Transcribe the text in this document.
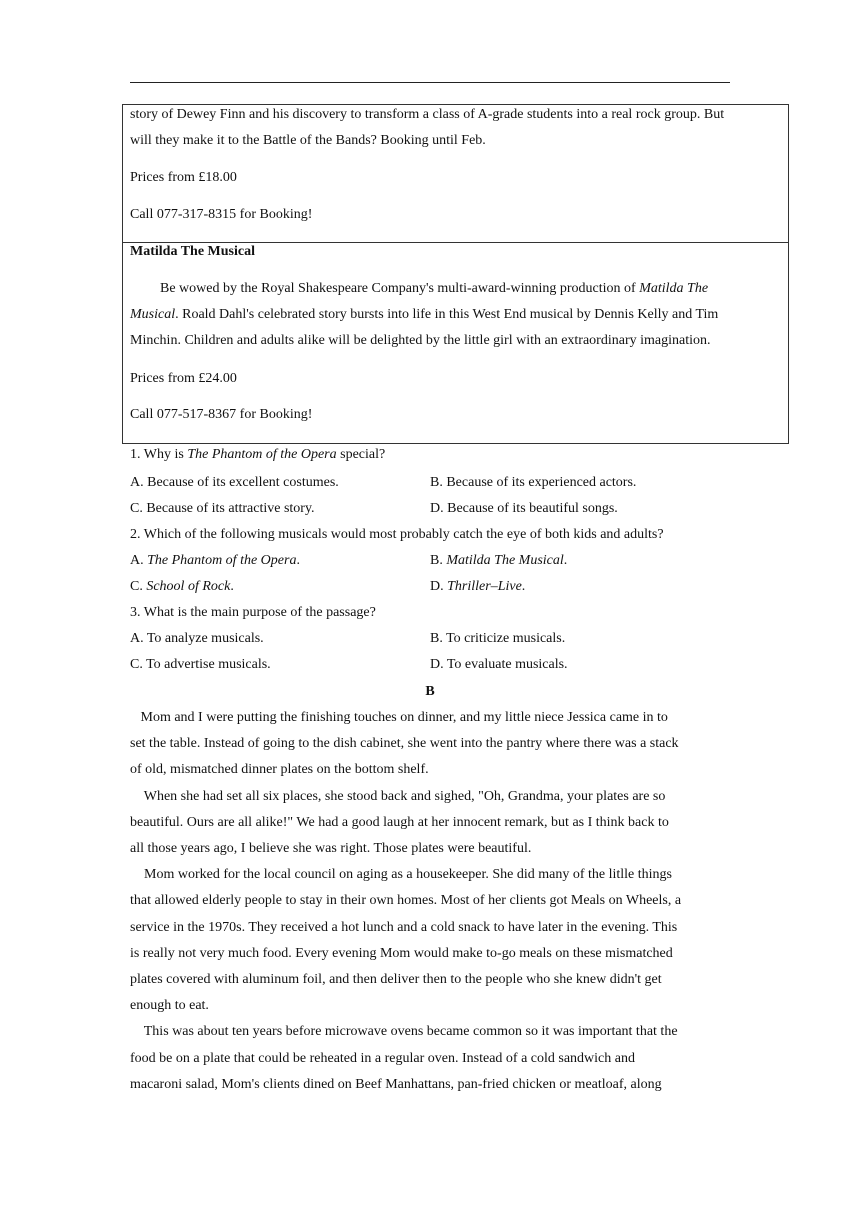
story of Dewey Finn and his discovery to transform a class of A-grade students into a real rock group. But
will they make it to the Battle of the Bands? Booking until Feb.
Prices from £18.00
Call 077-317-8315 for Booking!
Matilda The Musical
Be wowed by the Royal Shakespeare Company's multi-award-winning production of Matilda The
Musical. Roald Dahl's celebrated story bursts into life in this West End musical by Dennis Kelly and Tim
Minchin. Children and adults alike will be delighted by the little girl with an extraordinary imagination.
Prices from £24.00
Call 077-517-8367 for Booking!
1. Why is The Phantom of the Opera special?
A. Because of its excellent costumes.	B. Because of its experienced actors.
C. Because of its attractive story.	D. Because of its beautiful songs.
2. Which of the following musicals would most probably catch the eye of both kids and adults?
A. The Phantom of the Opera.	B. Matilda The Musical.
C. School of Rock.	D. Thriller–Live.
3. What is the main purpose of the passage?
A. To analyze musicals.	B. To criticize musicals.
C. To advertise musicals.	D. To evaluate musicals.
B
Mom and I were putting the finishing touches on dinner, and my little niece Jessica came in to
set the table. Instead of going to the dish cabinet, she went into the pantry where there was a stack
of old, mismatched dinner plates on the bottom shelf.
When she had set all six places, she stood back and sighed, "Oh, Grandma, your plates are so
beautiful. Ours are all alike!" We had a good laugh at her innocent remark, but as I think back to
all those years ago, I believe she was right. Those plates were beautiful.
Mom worked for the local council on aging as a housekeeper. She did many of the litlle things
that allowed elderly people to stay in their own homes. Most of her clients got Meals on Wheels, a
service in the 1970s. They received a hot lunch and a cold snack to have later in the evening. This
is really not very much food. Every evening Mom would make to-go meals on these mismatched
plates covered with aluminum foil, and then deliver then to the people who she knew didn't get
enough to eat.
This was about ten years before microwave ovens became common so it was important that the
food be on a plate that could be reheated in a regular oven. Instead of a cold sandwich and
macaroni salad, Mom's clients dined on Beef Manhattans, pan-fried chicken or meatloaf, along
